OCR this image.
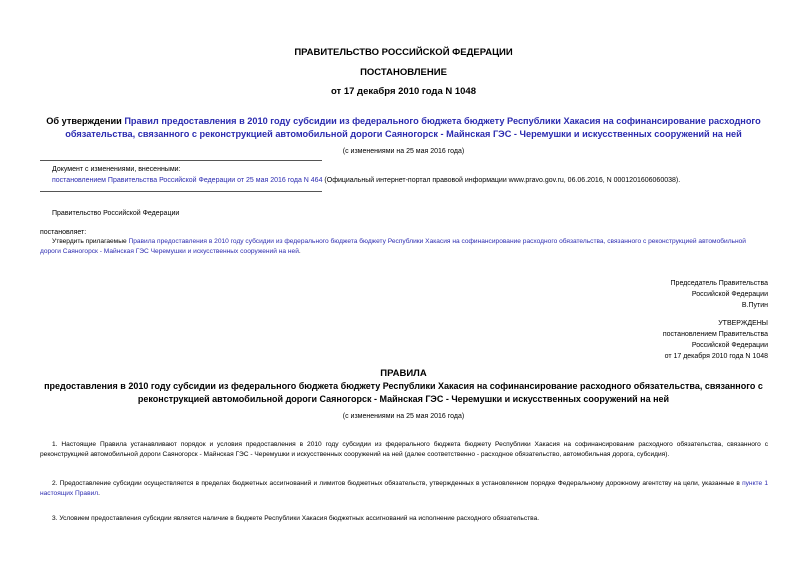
ПРАВИТЕЛЬСТВО РОССИЙСКОЙ ФЕДЕРАЦИИ
ПОСТАНОВЛЕНИЕ
от 17 декабря 2010 года N 1048
Об утверждении Правил предоставления в 2010 году субсидии из федерального бюджета бюджету Республики Хакасия на софинансирование расходного обязательства, связанного с реконструкцией автомобильной дороги Саяногорск - Майнская ГЭС - Черемушки и искусственных сооружений на ней
(с изменениями на 25 мая 2016 года)
Документ с изменениями, внесенными:
постановлением Правительства Российской Федерации от 25 мая 2016 года N 464 (Официальный интернет-портал правовой информации www.pravo.gov.ru, 06.06.2016, N 0001201606060038).
Правительство Российской Федерации
постановляет:
Утвердить прилагаемые Правила предоставления в 2010 году субсидии из федерального бюджета бюджету Республики Хакасия на софинансирование расходного обязательства, связанного с реконструкцией автомобильной дороги Саяногорск - Майнская ГЭС Черемушки и искусственных сооружений на ней.

Председатель Правительства

Российской Федерации

В.Путин

УТВЕРЖДЕНЫ

постановлением Правительства

Российской Федерации

от 17 декабря 2010 года N 1048

ПРАВИЛА
предоставления в 2010 году субсидии из федерального бюджета бюджету Республики Хакасия на софинансирование расходного обязательства, связанного с реконструкцией автомобильной дороги Саяногорск - Майнская ГЭС - Черемушки и искусственных сооружений на ней
(с изменениями на 25 мая 2016 года)
1. Настоящие Правила устанавливают порядок и условия предоставления в 2010 году субсидии из федерального бюджета бюджету Республики Хакасия на софинансирование расходного обязательства, связанного с реконструкцией автомобильной дороги Саяногорск - Майнская ГЭС - Черемушки и искусственных сооружений на ней (далее соответственно - расходное обязательство, автомобильная дорога, субсидия).
2. Предоставление субсидии осуществляется в пределах бюджетных ассигнований и лимитов бюджетных обязательств, утвержденных в установленном порядке Федеральному дорожному агентству на цели, указанные в пункте 1 настоящих Правил.
3. Условием предоставления субсидии является наличие в бюджете Республики Хакасия бюджетных ассигнований на исполнение расходного обязательства.
